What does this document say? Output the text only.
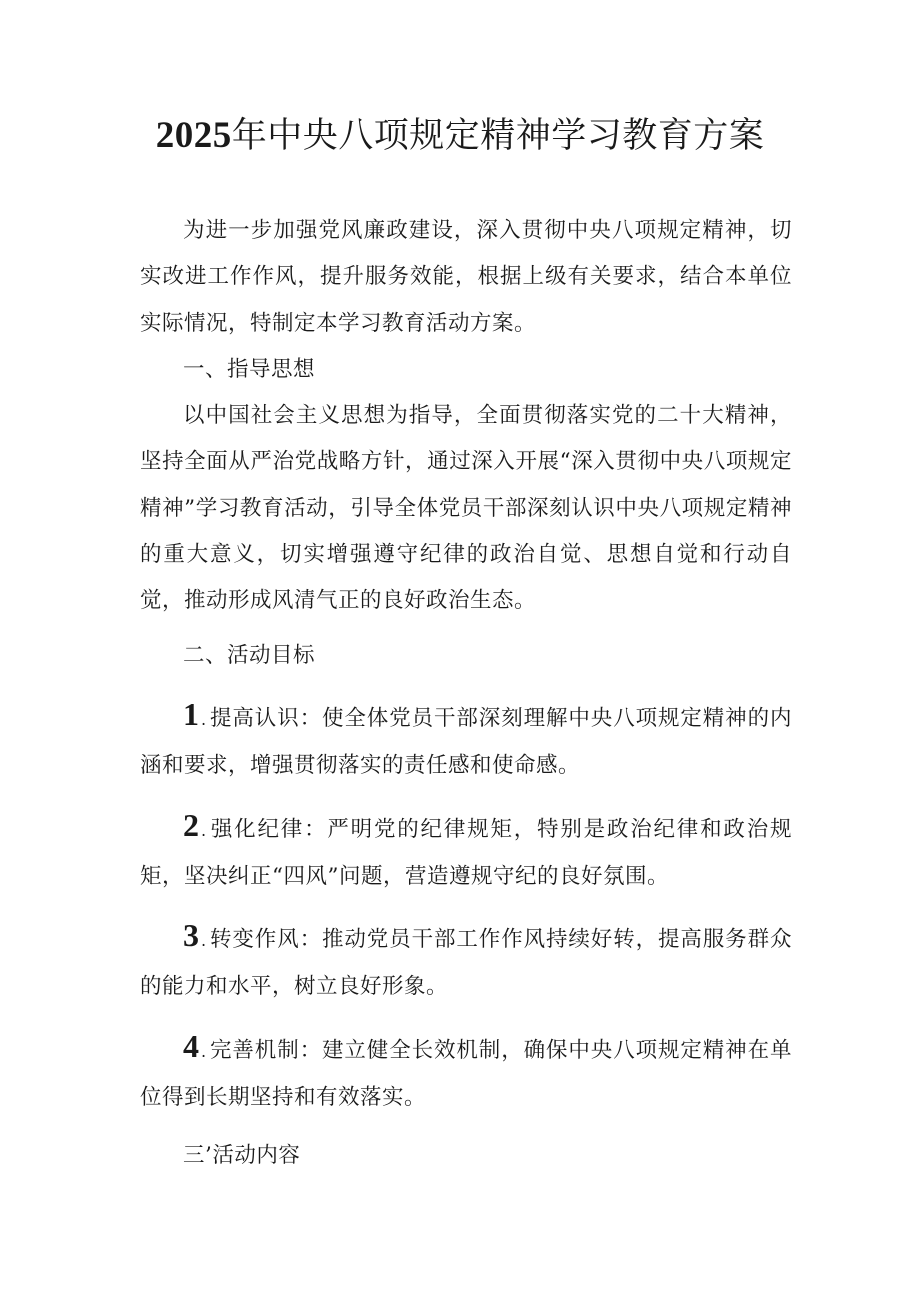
2025年中央八项规定精神学习教育方案

为进一步加强党风廉政建设，深入贯彻中央八项规定精神，切实改进工作作风，提升服务效能，根据上级有关要求，结合本单位实际情况，特制定本学习教育活动方案。

一、指导思想

以中国社会主义思想为指导，全面贯彻落实党的二十大精神，坚持全面从严治党战略方针，通过深入开展“深入贯彻中央八项规定精神”学习教育活动，引导全体党员干部深刻认识中央八项规定精神的重大意义，切实增强遵守纪律的政治自觉、思想自觉和行动自觉，推动形成风清气正的良好政治生态。

二、活动目标

1. 提高认识：使全体党员干部深刻理解中央八项规定精神的内涵和要求，增强贯彻落实的责任感和使命感。

2. 强化纪律：严明党的纪律规矩，特别是政治纪律和政治规矩，坚决纠正“四风”问题，营造遵规守纪的良好氛围。

3. 转变作风：推动党员干部工作作风持续好转，提高服务群众的能力和水平，树立良好形象。

4. 完善机制：建立健全长效机制，确保中央八项规定精神在单位得到长期坚持和有效落实。

三’活动内容
